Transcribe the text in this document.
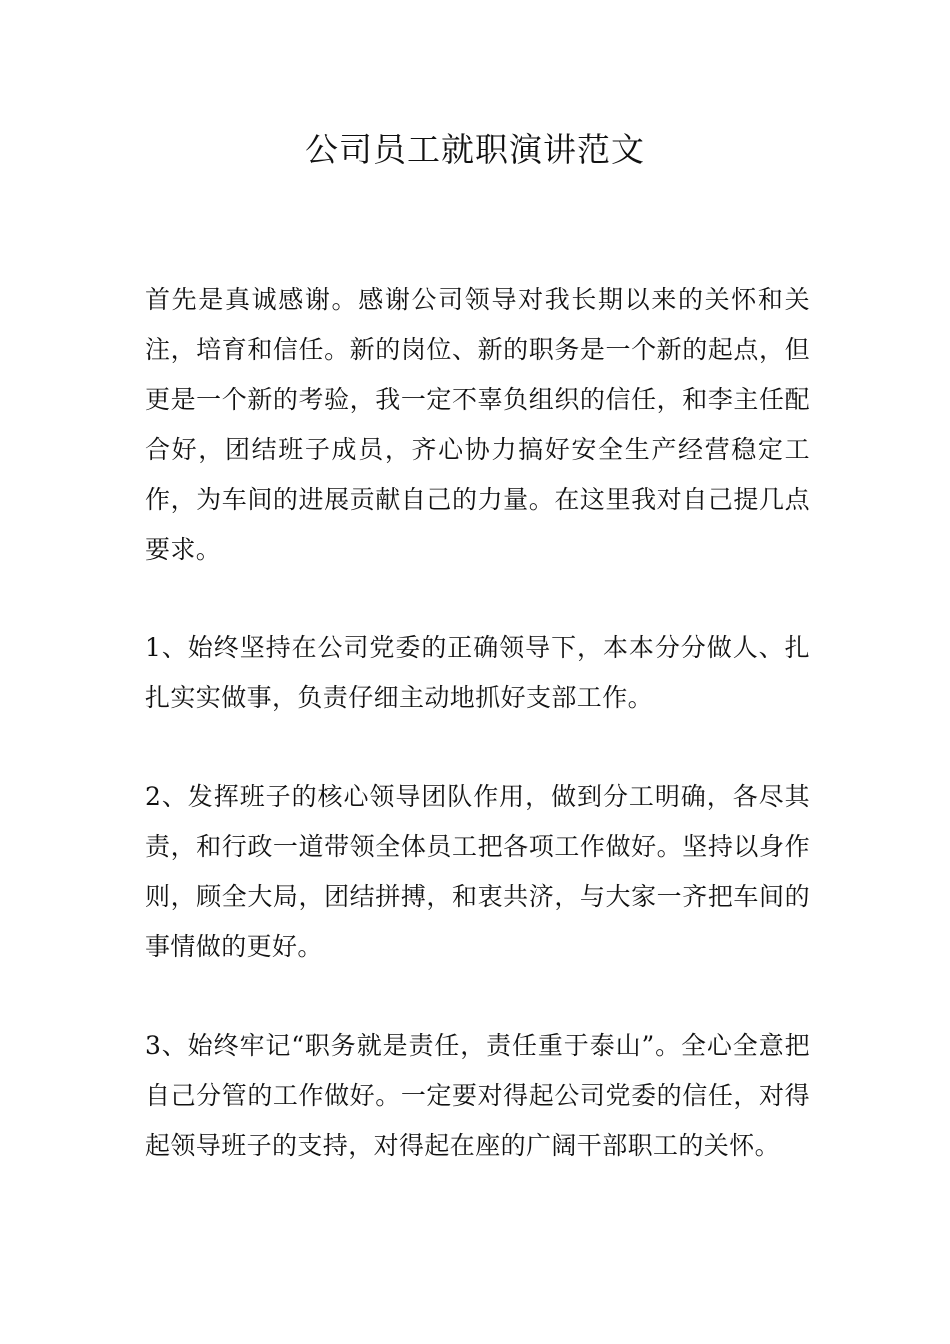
公司员工就职演讲范文

首先是真诚感谢。感谢公司领导对我长期以来的关怀和关注，培育和信任。新的岗位、新的职务是一个新的起点，但更是一个新的考验，我一定不辜负组织的信任，和李主任配合好，团结班子成员，齐心协力搞好安全生产经营稳定工作，为车间的进展贡献自己的力量。在这里我对自己提几点要求。

1、始终坚持在公司党委的正确领导下，本本分分做人、扎扎实实做事，负责仔细主动地抓好支部工作。

2、发挥班子的核心领导团队作用，做到分工明确，各尽其责，和行政一道带领全体员工把各项工作做好。坚持以身作则，顾全大局，团结拼搏，和衷共济，与大家一齐把车间的事情做的更好。

3、始终牢记“职务就是责任，责任重于泰山”。全心全意把自己分管的工作做好。一定要对得起公司党委的信任，对得起领导班子的支持，对得起在座的广阔干部职工的关怀。
